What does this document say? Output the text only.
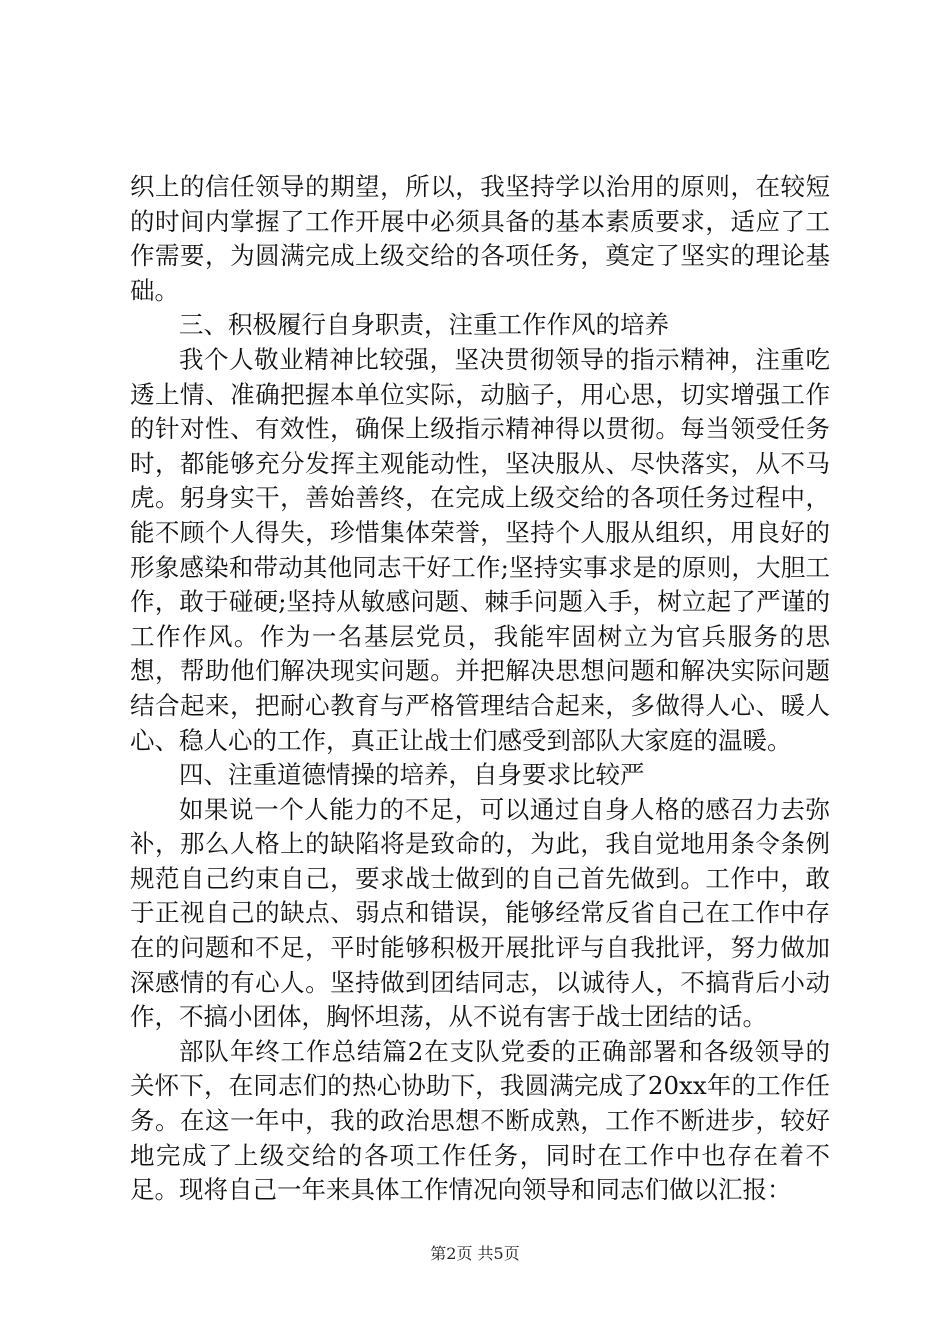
织上的信任领导的期望，所以，我坚持学以治用的原则，在较短的时间内掌握了工作开展中必须具备的基本素质要求，适应了工作需要，为圆满完成上级交给的各项任务，奠定了坚实的理论基础。

三、积极履行自身职责，注重工作作风的培养

我个人敬业精神比较强，坚决贯彻领导的指示精神，注重吃透上情、准确把握本单位实际，动脑子，用心思，切实增强工作的针对性、有效性，确保上级指示精神得以贯彻。每当领受任务时，都能够充分发挥主观能动性，坚决服从、尽快落实，从不马虎。躬身实干，善始善终，在完成上级交给的各项任务过程中，能不顾个人得失，珍惜集体荣誉，坚持个人服从组织，用良好的形象感染和带动其他同志干好工作;坚持实事求是的原则，大胆工作，敢于碰硬;坚持从敏感问题、棘手问题入手，树立起了严谨的工作作风。作为一名基层党员，我能牢固树立为官兵服务的思想，帮助他们解决现实问题。并把解决思想问题和解决实际问题结合起来，把耐心教育与严格管理结合起来，多做得人心、暖人心、稳人心的工作，真正让战士们感受到部队大家庭的温暖。

四、注重道德情操的培养，自身要求比较严

如果说一个人能力的不足，可以通过自身人格的感召力去弥补，那么人格上的缺陷将是致命的，为此，我自觉地用条令条例规范自己约束自己，要求战士做到的自己首先做到。工作中，敢于正视自己的缺点、弱点和错误，能够经常反省自己在工作中存在的问题和不足，平时能够积极开展批评与自我批评，努力做加深感情的有心人。坚持做到团结同志，以诚待人，不搞背后小动作，不搞小团体，胸怀坦荡，从不说有害于战士团结的话。

部队年终工作总结篇2在支队党委的正确部署和各级领导的关怀下，在同志们的热心协助下，我圆满完成了20xx年的工作任务。在这一年中，我的政治思想不断成熟，工作不断进步，较好地完成了上级交给的各项工作任务，同时在工作中也存在着不足。现将自己一年来具体工作情况向领导和同志们做以汇报：

第2页 共5页
